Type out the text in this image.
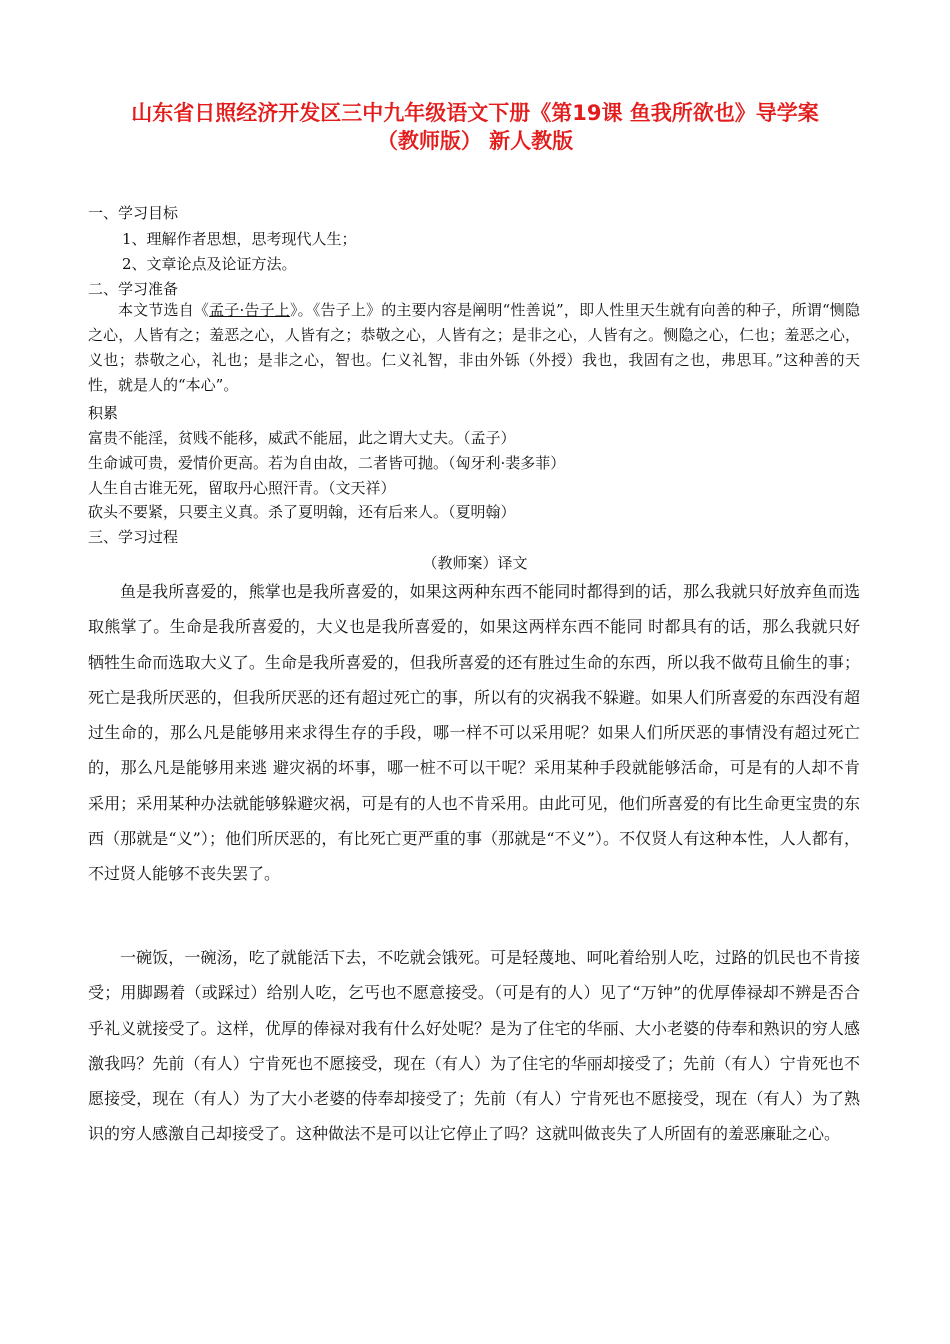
山东省日照经济开发区三中九年级语文下册《第19课 鱼我所欲也》导学案
（教师版） 新人教版
一、学习目标
1、理解作者思想，思考现代人生；
2、文章论点及论证方法。
二、学习准备

本文节选自《孟子·告子上》。《告子上》的主要内容是阐明“性善说”，即人性里天生就有向善的种子，所谓“恻隐之心，人皆有之；羞恶之心，人皆有之；恭敬之心，人皆有之；是非之心，人皆有之。恻隐之心，仁也；羞恶之心，义也；恭敬之心，礼也；是非之心，智也。仁义礼智，非由外铄（外授）我也，我固有之也，弗思耳。”这种善的天性，就是人的“本心”。

积累
富贵不能淫，贫贱不能移，威武不能屈，此之谓大丈夫。（孟子）
生命诚可贵，爱情价更高。若为自由故，二者皆可抛。（匈牙利·裴多菲）
人生自古谁无死，留取丹心照汗青。（文天祥）
砍头不要紧，只要主义真。杀了夏明翰，还有后来人。（夏明翰）
三、学习过程
（教师案）译文

鱼是我所喜爱的，熊掌也是我所喜爱的，如果这两种东西不能同时都得到的话，那么我就只好放弃鱼而选取熊掌了。生命是我所喜爱的，大义也是我所喜爱的，如果这两样东西不能同 时都具有的话，那么我就只好牺牲生命而选取大义了。生命是我所喜爱的，但我所喜爱的还有胜过生命的东西，所以我不做苟且偷生的事；死亡是我所厌恶的，但我所厌恶的还有超过死亡的事，所以有的灾祸我不躲避。如果人们所喜爱的东西没有超过生命的，那么凡是能够用来求得生存的手段，哪一样不可以采用呢？如果人们所厌恶的事情没有超过死亡的，那么凡是能够用来逃 避灾祸的坏事，哪一桩不可以干呢？采用某种手段就能够活命，可是有的人却不肯采用；采用某种办法就能够躲避灾祸，可是有的人也不肯采用。由此可见，他们所喜爱的有比生命更宝贵的东西（那就是“义”）；他们所厌恶的，有比死亡更严重的事（那就是“不义”）。不仅贤人有这种本性，人人都有，不过贤人能够不丧失罢了。

一碗饭，一碗汤，吃了就能活下去，不吃就会饿死。可是轻蔑地、呵叱着给别人吃，过路的饥民也不肯接受；用脚踢着（或踩过）给别人吃，乞丐也不愿意接受。（可是有的人）见了“万钟”的优厚俸禄却不辨是否合乎礼义就接受了。这样，优厚的俸禄对我有什么好处呢？是为了住宅的华丽、大小老婆的侍奉和熟识的穷人感激我吗？先前（有人）宁肯死也不愿接受，现在（有人）为了住宅的华丽却接受了；先前（有人）宁肯死也不愿接受，现在（有人）为了大小老婆的侍奉却接受了；先前（有人）宁肯死也不愿接受，现在（有人）为了熟识的穷人感激自己却接受了。这种做法不是可以让它停止了吗？这就叫做丧失了人所固有的羞恶廉耻之心。
